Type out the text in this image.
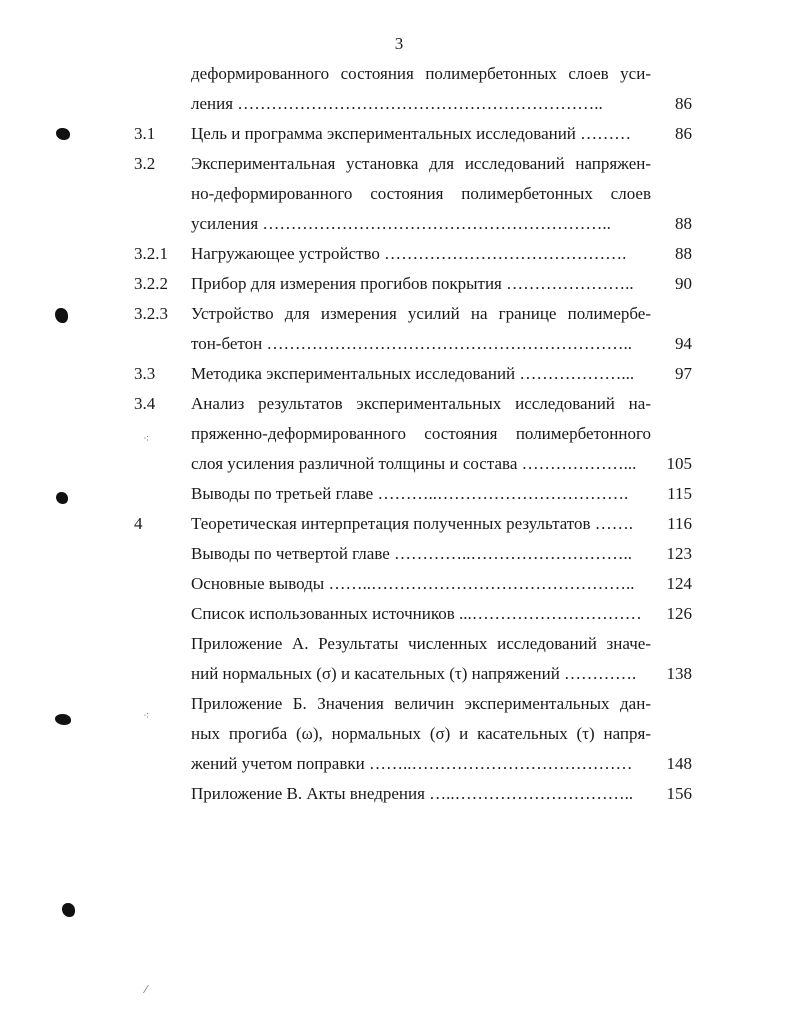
3
деформированного состояния полимербетонных слоев уси-
ления ………………………………………………………..	86
3.1 Цель и программа экспериментальных исследований ………	86
3.2 Экспериментальная установка для исследований напряжен-
но-деформированного состояния полимербетонных слоев
усиления ……………………………………………………..	88
3.2.1 Нагружающее устройство …………………………………….	88
3.2.2 Прибор для измерения прогибов покрытия …………………..	90
3.2.3 Устройство для измерения усилий на границе полимербе-
тон-бетон ………………………………………………………..	94
3.3 Методика экспериментальных исследований ………………...	97
3.4 Анализ результатов экспериментальных исследований на-
пряженно-деформированного состояния полимербетонного
слоя усиления различной толщины и состава ………………...	105
Выводы по третьей главе ………..…………………………….	115
4	Теоретическая интерпретация полученных результатов …….	116
Выводы по четвертой главе …………..………………………..	123
Основные выводы ……..………………………………………..	124
Список использованных источников ...…………………………	126
Приложение А. Результаты численных исследований значе-
ний нормальных (σ) и касательных (τ) напряжений ………….	138
Приложение Б. Значения величин экспериментальных дан-
ных прогиба (ω), нормальных (σ) и касательных (τ) напря-
жений учетом поправки ……..…………………………………	148
Приложение В. Акты внедрения …..…………………………..	156
⁖
⁖
⁄
